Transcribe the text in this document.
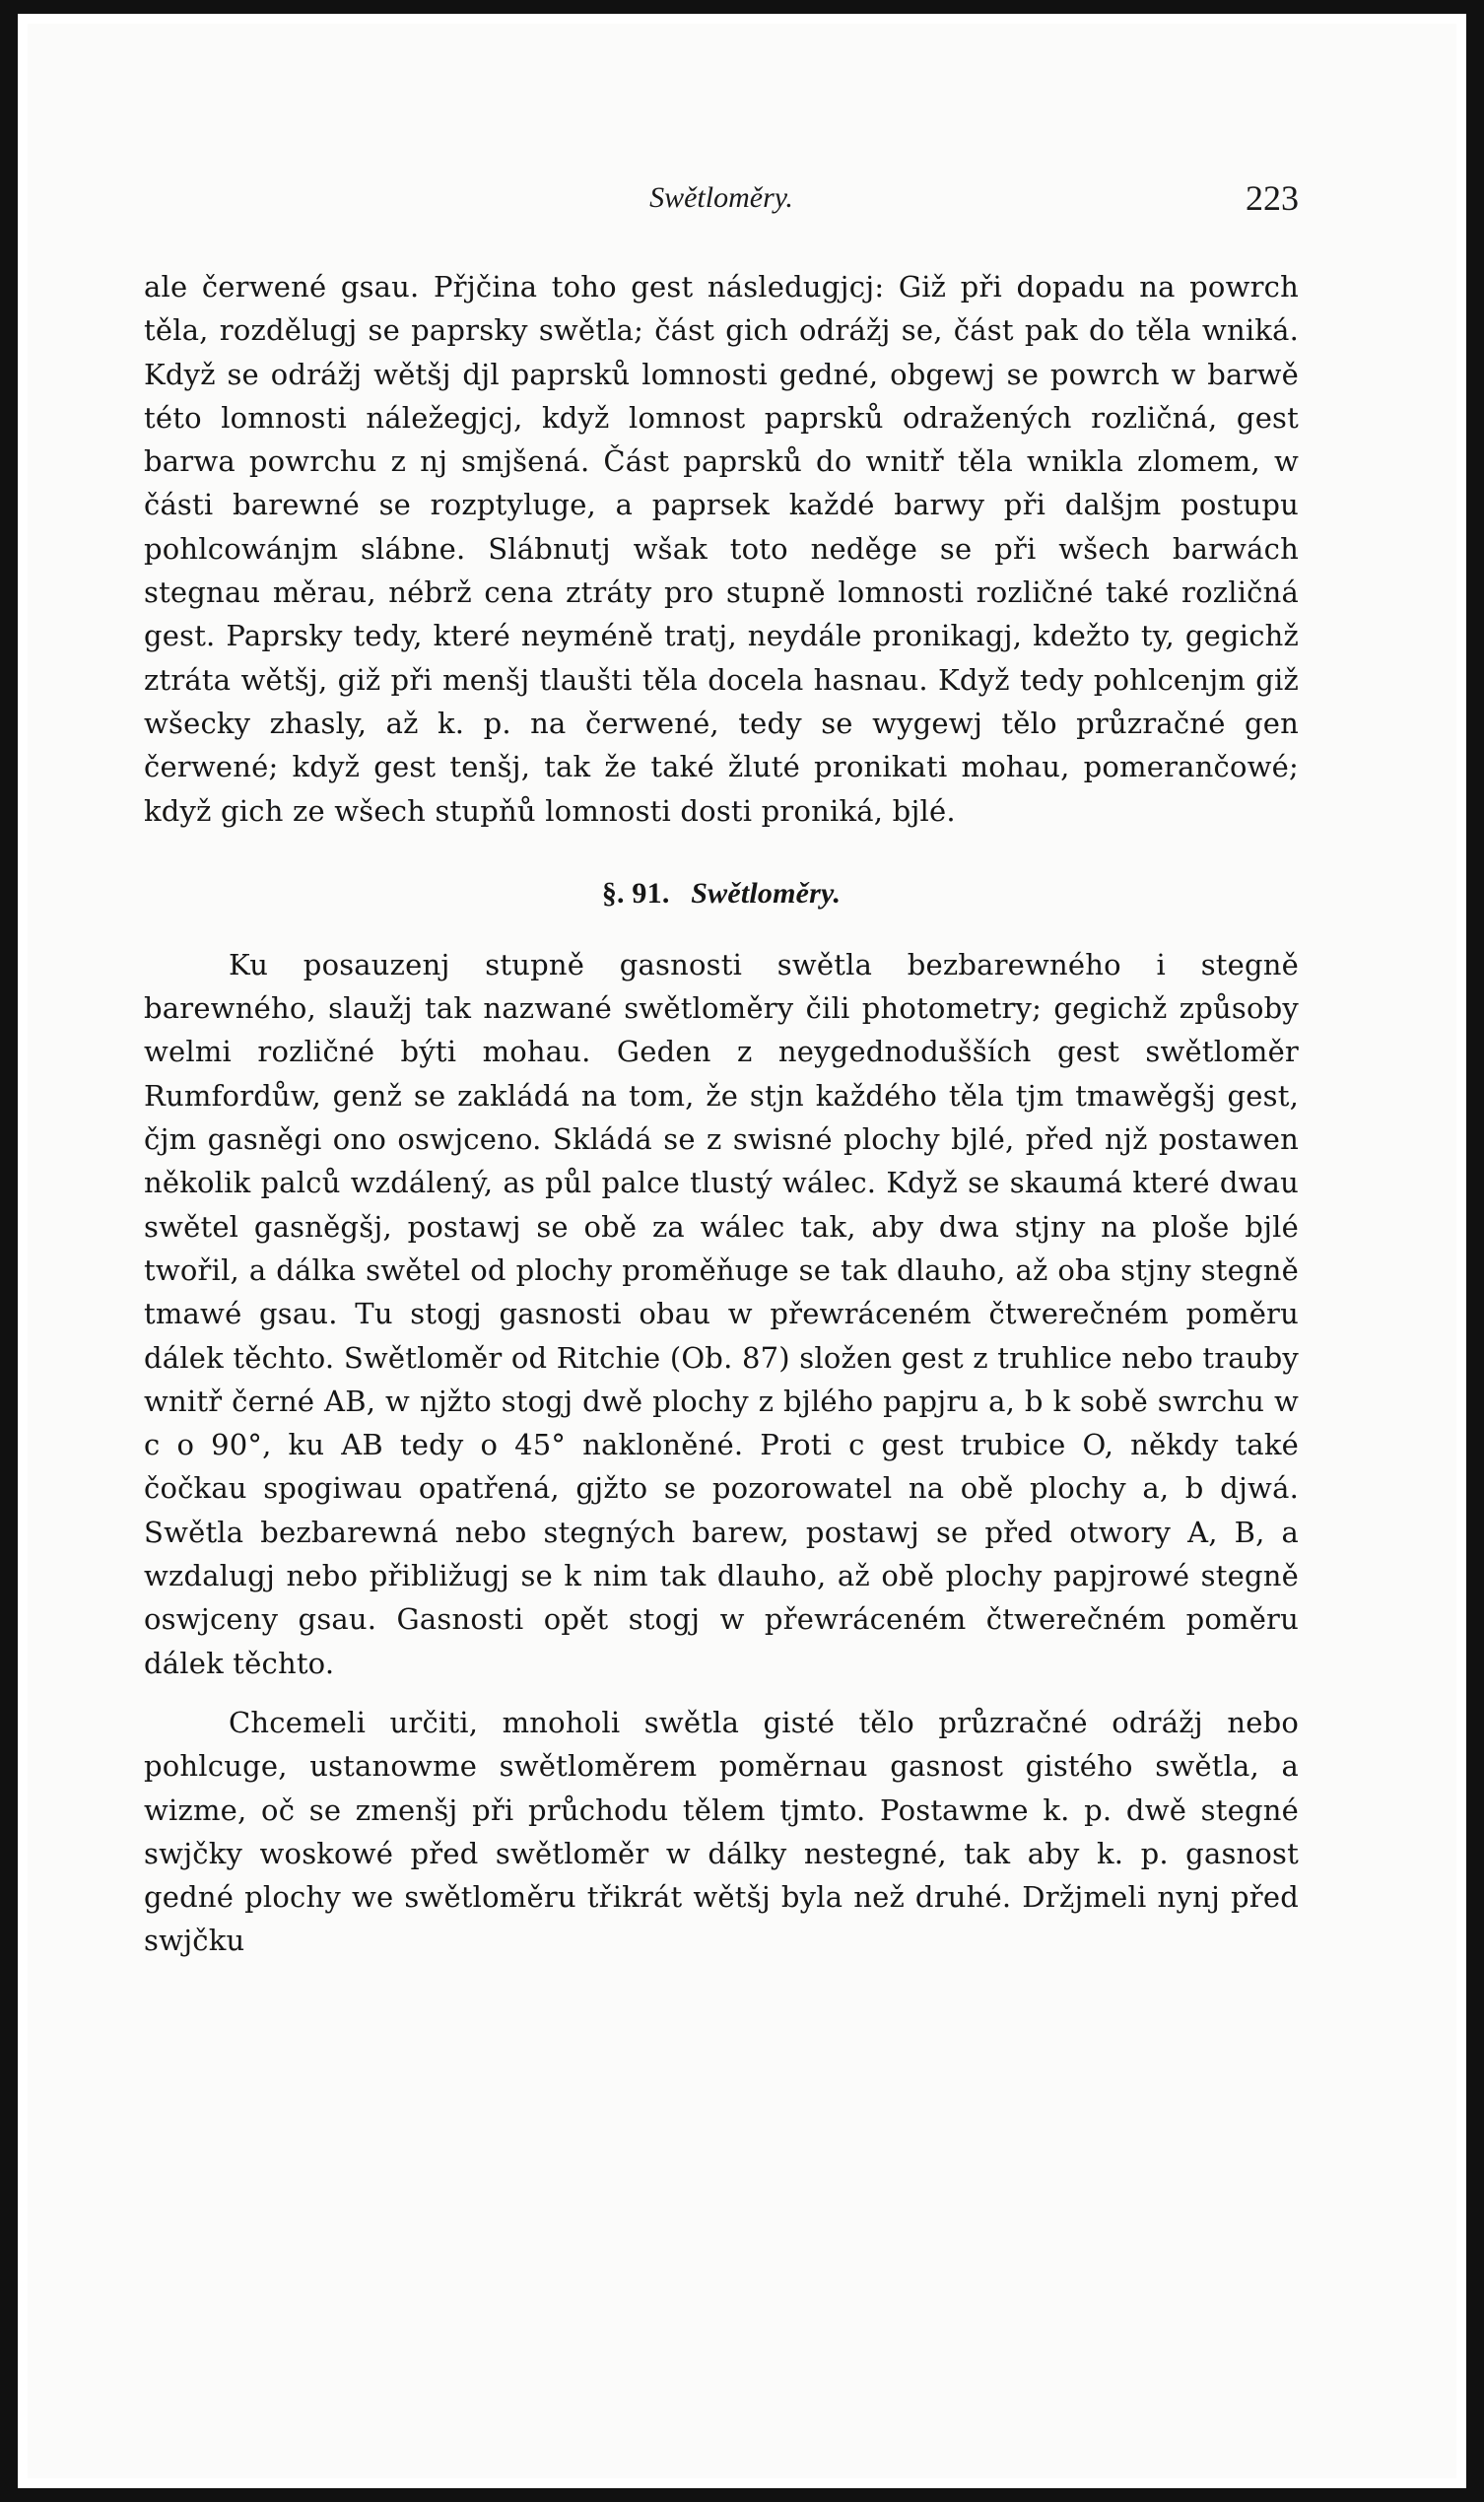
Swětloměry.	223

ale čerwené gsau. Přjčina toho gest následugjcj: Giž při dopadu na powrch těla, rozdělugj se paprsky swětla; část gich odrážj se, část pak do těla wniká. Když se odrážj wětšj djl paprsků lomnosti gedné, obgewj se powrch w barwě této lomnosti náležegjcj, když lomnost paprsků odražených rozličná, gest barwa powrchu z nj smjšená. Část paprsků do wnitř těla wnikla zlomem, w části barewné se rozptyluge, a paprsek každé barwy při dalšjm postupu pohlcowánjm slábne. Slábnutj wšak toto neděge se při wšech barwách stegnau měrau, nébrž cena ztráty pro stupně lomnosti rozličné také rozličná gest. Paprsky tedy, které neyméně tratj, neydále pronikagj, kdežto ty, gegichž ztráta wětšj, giž při menšj tlaušti těla docela hasnau. Když tedy pohlcenjm giž wšecky zhasly, až k. p. na čerwené, tedy se wygewj tělo průzračné gen čerwené; když gest tenšj, tak že také žluté pronikati mohau, pomerančowé; když gich ze wšech stupňů lomnosti dosti proniká, bjlé.

§. 91. Swětloměry.

Ku posauzenj stupně gasnosti swětla bezbarewného i stegně barewného, slaužj tak nazwané swětloměry čili photometry; gegichž způsoby welmi rozličné býti mohau. Geden z neygednodušších gest swětloměr Rumfordůw, genž se zakládá na tom, že stjn každého těla tjm tmawěgšj gest, čjm gasněgi ono oswjceno. Skládá se z swisné plochy bjlé, před njž postawen několik palců wzdálený, as půl palce tlustý wálec. Když se skaumá které dwau swětel gasněgšj, postawj se obě za wálec tak, aby dwa stjny na ploše bjlé twořil, a dálka swětel od plochy proměňuge se tak dlauho, až oba stjny stegně tmawé gsau. Tu stogj gasnosti obau w přewráceném čtwerečném poměru dálek těchto. Swětloměr od Ritchie (Ob. 87) složen gest z truhlice nebo trauby wnitř černé AB, w njžto stogj dwě plochy z bjlého papjru a, b k sobě swrchu w c o 90°, ku AB tedy o 45° nakloněné. Proti c gest trubice O, někdy také čočkau spogiwau opatřená, gjžto se pozorowatel na obě plochy a, b djwá. Swětla bezbarewná nebo stegných barew, postawj se před otwory A, B, a wzdalugj nebo přibližugj se k nim tak dlauho, až obě plochy papjrowé stegně oswjceny gsau. Gasnosti opět stogj w přewráceném čtwerečném poměru dálek těchto.

Chcemeli určiti, mnoholi swětla gisté tělo průzračné odrážj nebo pohlcuge, ustanowme swětloměrem poměrnau gasnost gistého swětla, a wizme, oč se zmenšj při průchodu tělem tjmto. Postawme k. p. dwě stegné swjčky woskowé před swětloměr w dálky nestegné, tak aby k. p. gasnost gedné plochy we swětloměru třikrát wětšj byla než druhé. Držjmeli nynj před swjčku
